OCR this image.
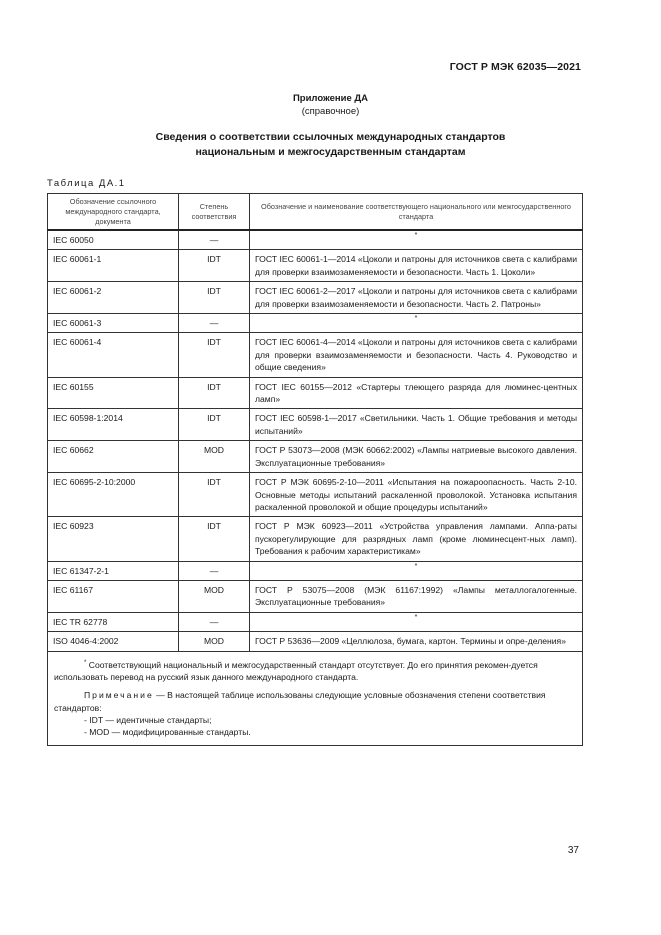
ГОСТ Р МЭК 62035—2021
Приложение ДА
(справочное)
Сведения о соответствии ссылочных международных стандартов
национальным и межгосударственным стандартам
Таблица ДА.1
Обозначение ссылочного международного стандарта, документа	Степень соответствия	Обозначение и наименование соответствующего национального или межгосударственного стандарта
IEC 60050	—	*
IEC 60061-1	IDT	ГОСТ IEC 60061-1—2014 «Цоколи и патроны для источников света с калибрами для проверки взаимозаменяемости и безопасности. Часть 1. Цоколи»
IEC 60061-2	IDT	ГОСТ IEC 60061-2—2017 «Цоколи и патроны для источников света с калибрами для проверки взаимозаменяемости и безопасности. Часть 2. Патроны»
IEC 60061-3	—	*
IEC 60061-4	IDT	ГОСТ IEC 60061-4—2014 «Цоколи и патроны для источников света с калибрами для проверки взаимозаменяемости и безопасности. Часть 4. Руководство и общие сведения»
IEC 60155	IDT	ГОСТ IEC 60155—2012 «Стартеры тлеющего разряда для люминес-центных ламп»
IEC 60598-1:2014	IDT	ГОСТ IEC 60598-1—2017 «Светильники. Часть 1. Общие требования и методы испытаний»
IEC 60662	MOD	ГОСТ Р 53073—2008 (МЭК 60662:2002) «Лампы натриевые высокого давления. Эксплуатационные требования»
IEC 60695-2-10:2000	IDT	ГОСТ Р МЭК 60695-2-10—2011 «Испытания на пожароопасность. Часть 2-10. Основные методы испытаний раскаленной проволокой. Установка испытания раскаленной проволокой и общие процедуры испытаний»
IEC 60923	IDT	ГОСТ Р МЭК 60923—2011 «Устройства управления лампами. Аппа-раты пускорегулирующие для разрядных ламп (кроме люминесцент-ных ламп). Требования к рабочим характеристикам»
IEC 61347-2-1	—	*
IEC 61167	MOD	ГОСТ Р 53075—2008 (МЭК 61167:1992) «Лампы металлогалогенные. Эксплуатационные требования»
IEC TR 62778	—	*
ISO 4046-4:2002	MOD	ГОСТ Р 53636—2009 «Целлюлоза, бумага, картон. Термины и опре-деления»

* Соответствующий национальный и межгосударственный стандарт отсутствует. До его принятия рекомен-дуется использовать перевод на русский язык данного международного стандарта.
Примечание — В настоящей таблице использованы следующие условные обозначения степени соответствия стандартов:
- IDT — идентичные стандарты;
- MOD — модифицированные стандарты.		
37
